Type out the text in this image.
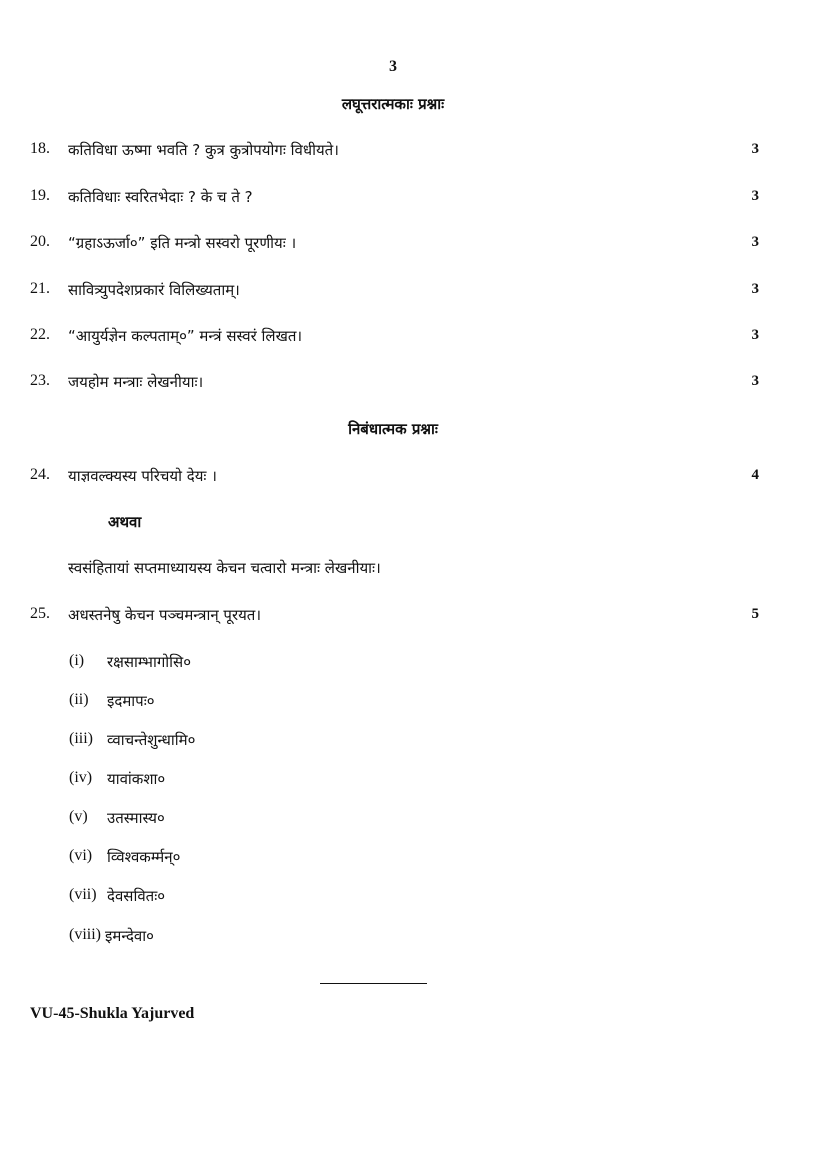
3
लघूत्तरात्मकाः प्रश्नाः
18. कतिविधा ऊष्मा भवति ? कुत्र कुत्रोपयोगः विधीयते।	3
19. कतिविधाः स्वरितभेदाः ? के च ते ?	3
20. “ग्रहाऽऊर्जा०” इति मन्त्रो सस्वरो पूरणीयः ।	3
21. सावित्र्युपदेशप्रकारं विलिख्यताम्।	3
22. “आयुर्यज्ञेन कल्पताम्०” मन्त्रं सस्वरं लिखत।	3
23. जयहोम मन्त्राः लेखनीयाः।	3
निबंधात्मक प्रश्नाः
24. याज्ञवल्क्यस्य परिचयो देयः ।	4
अथवा
स्वसंहितायां सप्तमाध्यायस्य केचन चत्वारो मन्त्राः लेखनीयाः।
25. अधस्तनेषु केचन पञ्चमन्त्रान् पूरयत।	5
(i) रक्षसाम्भागोसि०
(ii) इदमापः०
(iii) व्वाचन्तेशुन्धामि०
(iv) यावांकशा०
(v) उतस्मास्य०
(vi) व्विश्वकर्म्मन्०
(vii) देवसवितः०
(viii) इमन्देवा०
VU-45-Shukla Yajurved
